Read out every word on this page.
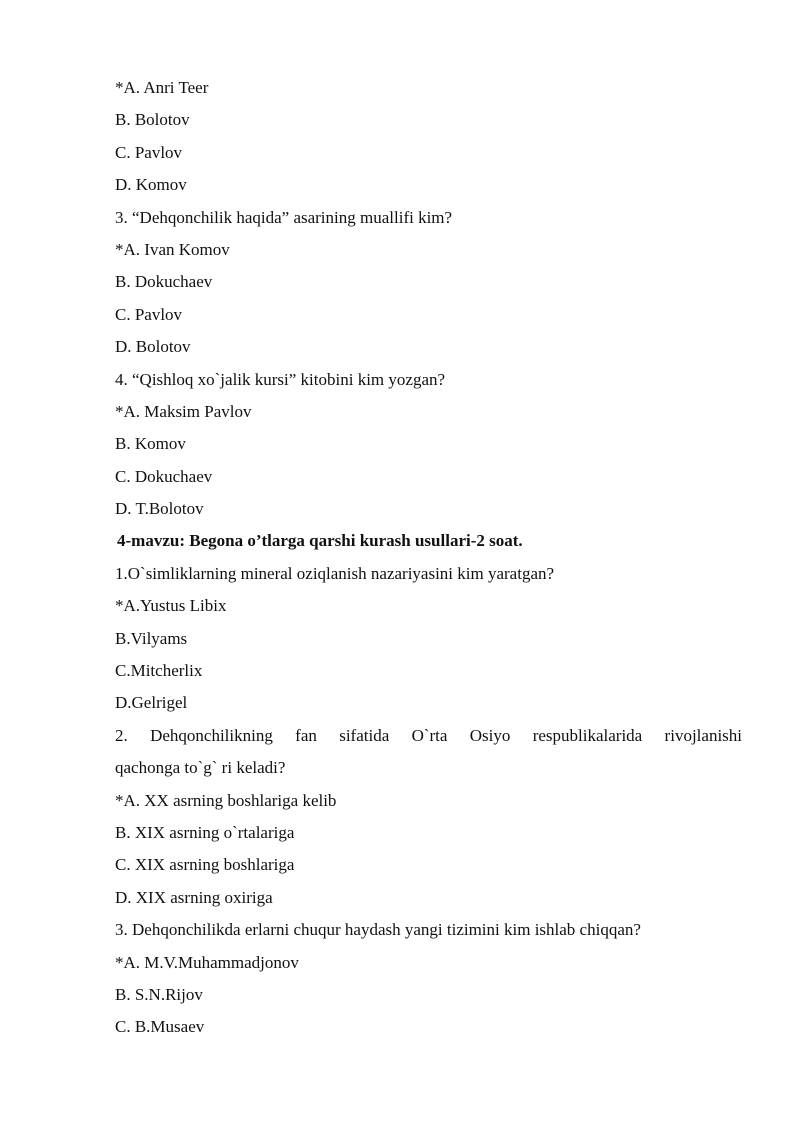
*A. Anri Teer
B. Bolotov
C. Pavlov
D. Komov
3. “Dehqonchilik haqida” asarining muallifi kim?
*A. Ivan Komov
B. Dokuchaev
C. Pavlov
D. Bolotov
4. “Qishloq xo`jalik kursi” kitobini kim yozgan?
*A. Maksim Pavlov
B. Komov
C. Dokuchaev
D. T.Bolotov
4-mavzu: Begona o’tlarga qarshi kurash usullari-2 soat.
1.O`simliklarning mineral oziqlanish nazariyasini kim yaratgan?
*A.Yustus Libix
B.Vilyams
C.Mitcherlix
D.Gelrigel
2. Dehqonchilikning fan sifatida O`rta Osiyo respublikalarida rivojlanishi
qachonga to`g` ri keladi?
*A. XX asrning boshlariga kelib
B. XIX asrning o`rtalariga
C. XIX asrning boshlariga
D. XIX asrning oxiriga
3. Dehqonchilikda erlarni chuqur haydash yangi tizimini kim ishlab chiqqan?
*A. M.V.Muhammadjonov
B. S.N.Rijov
C. B.Musaev
